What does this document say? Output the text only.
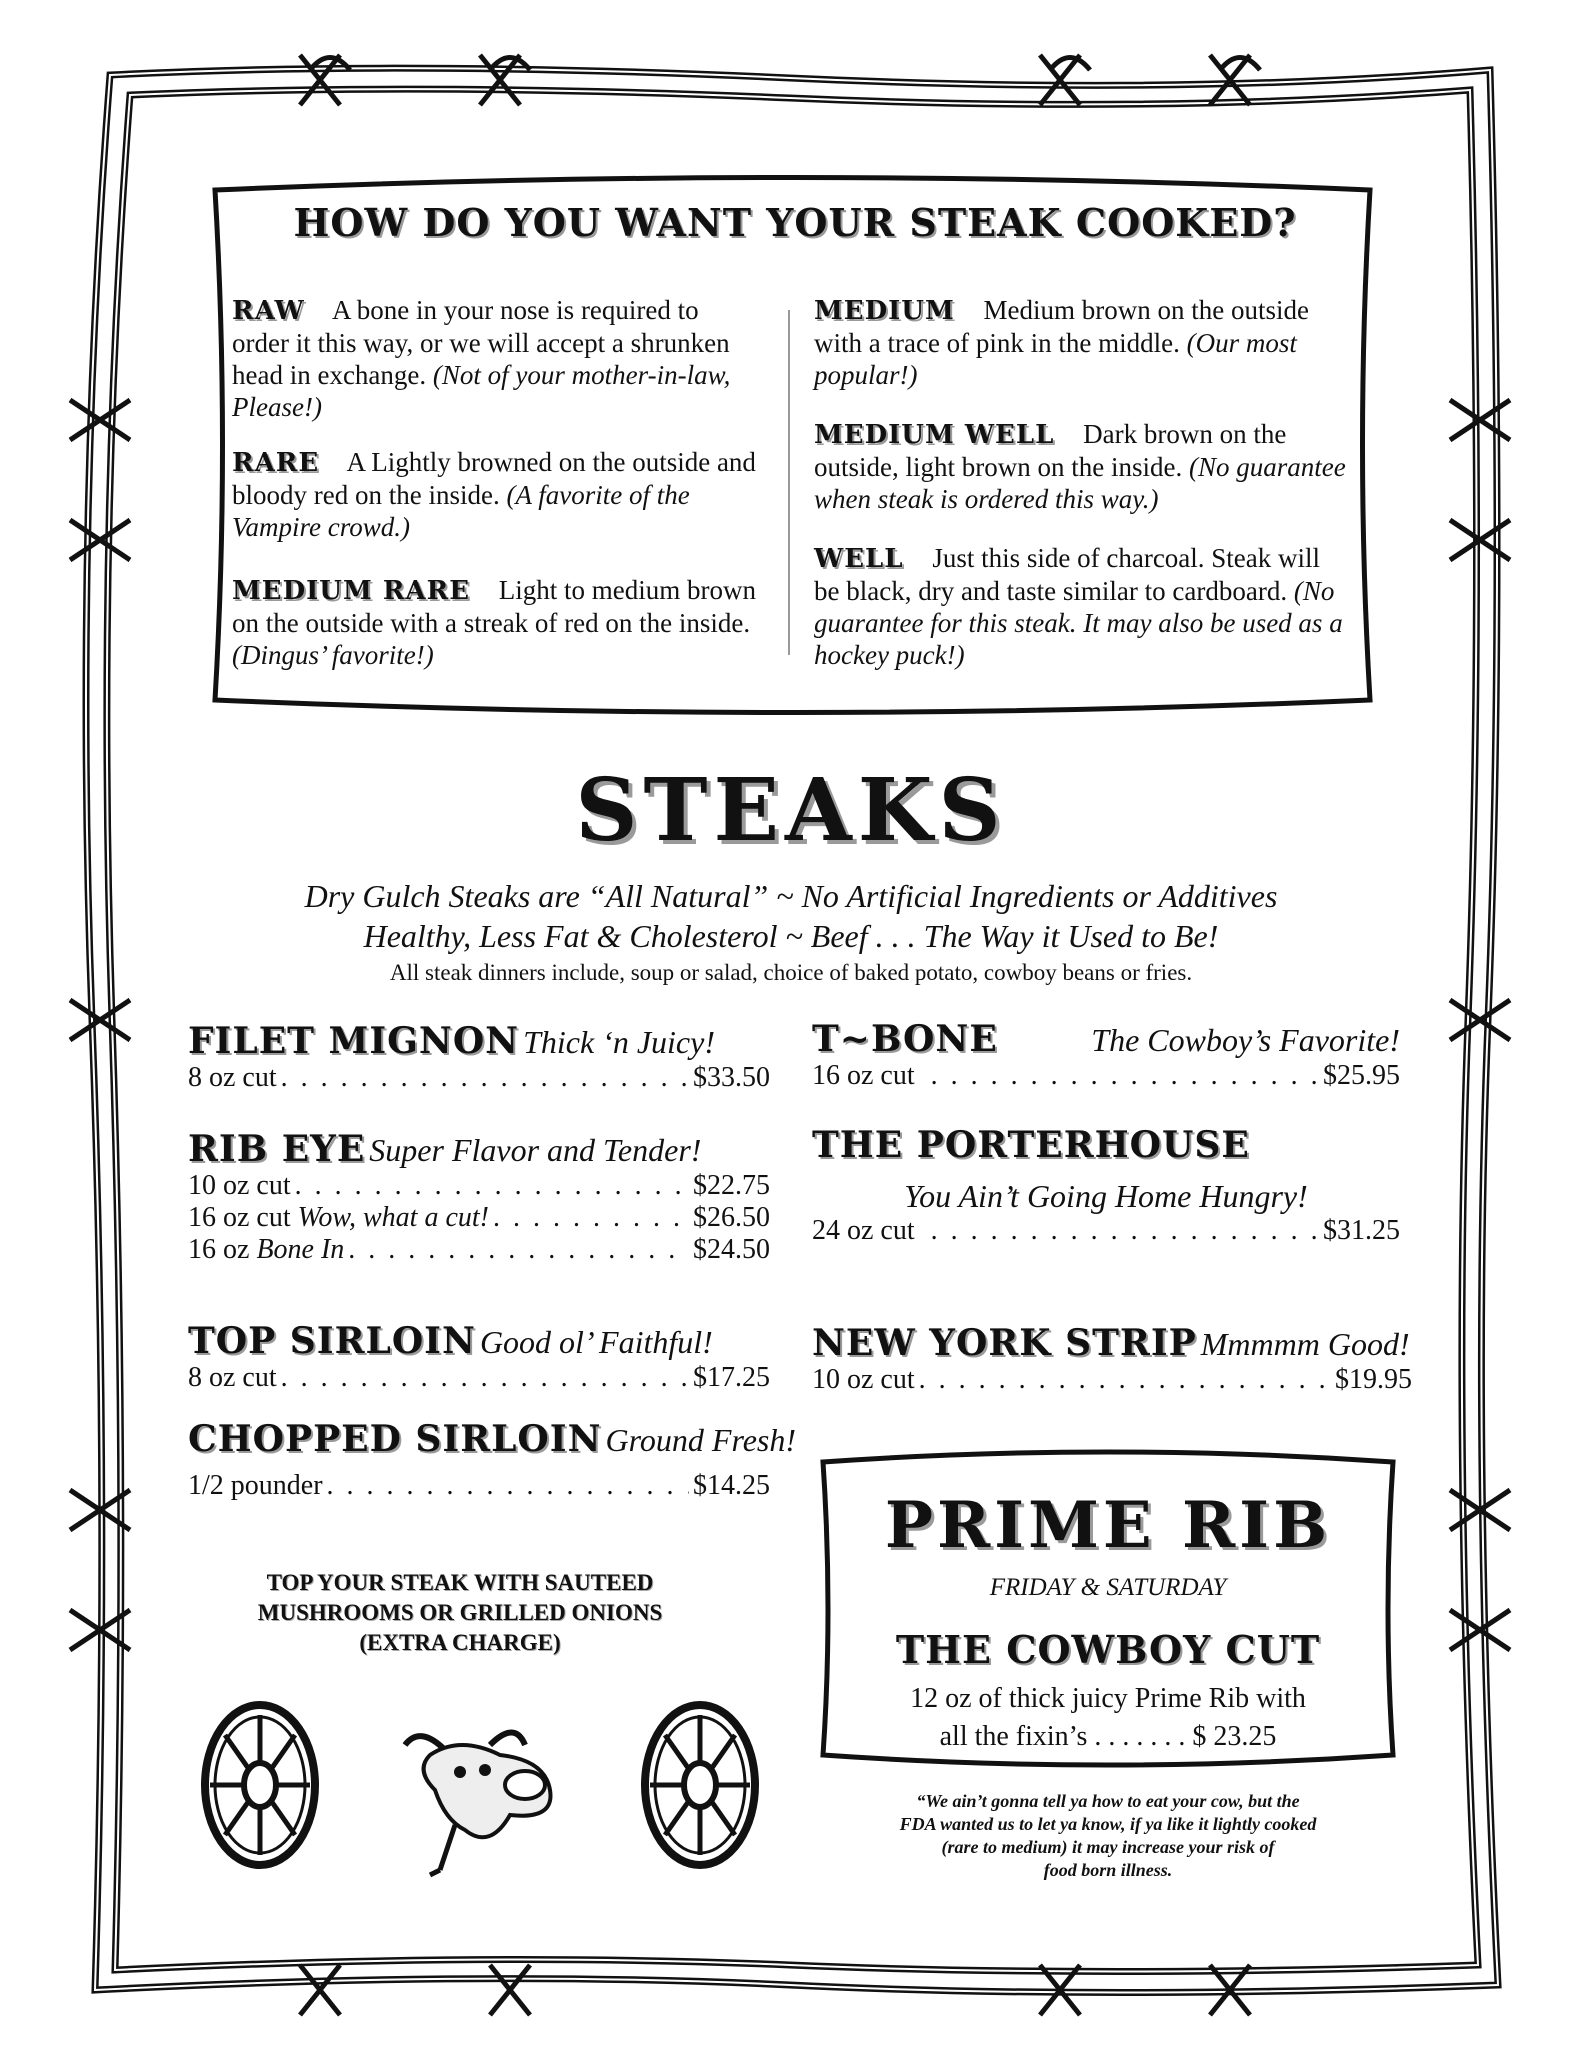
HOW DO YOU WANT YOUR STEAK COOKED?
RAW A bone in your nose is required to order it this way, or we will accept a shrunken head in exchange. (Not of your mother-in-law, Please!)
RARE A Lightly browned on the outside and bloody red on the inside. (A favorite of the Vampire crowd.)
MEDIUM RARE Light to medium brown on the outside with a streak of red on the inside. (Dingus’ favorite!)
MEDIUM Medium brown on the outside with a trace of pink in the middle. (Our most popular!)
MEDIUM WELL Dark brown on the outside, light brown on the inside. (No guarantee when steak is ordered this way.)
WELL Just this side of charcoal. Steak will be black, dry and taste similar to cardboard. (No guarantee for this steak. It may also be used as a hockey puck!)
STEAKS
Dry Gulch Steaks are “All Natural” ~ No Artificial Ingredients or Additives
Healthy, Less Fat & Cholesterol ~ Beef . . . The Way it Used to Be!
All steak dinners include, soup or salad, choice of baked potato, cowboy beans or fries.
FILET MIGNON Thick ‘n Juicy!
8 oz cut . . .	$33.50
RIB EYE Super Flavor and Tender!
10 oz cut . . .	$22.75
16 oz cut Wow, what a cut! . . .	$26.50
16 oz Bone In . . .	$24.50
TOP SIRLOIN Good ol’ Faithful!
8 oz cut . . .	$17.25
CHOPPED SIRLOIN Ground Fresh!
1/2 pounder . . .	$14.25
TOP YOUR STEAK WITH SAUTEED
MUSHROOMS OR GRILLED ONIONS
(EXTRA CHARGE)
T~BONE	The Cowboy’s Favorite!
16 oz cut . . .	$25.95
THE PORTERHOUSE
You Ain’t Going Home Hungry!
24 oz cut . . .	$31.25
NEW YORK STRIP Mmmmm Good!
10 oz cut . . .	$19.95
PRIME RIB
FRIDAY & SATURDAY
THE COWBOY CUT
12 oz of thick juicy Prime Rib with
all the fixin’s . . . . . . . $ 23.25
“We ain’t gonna tell ya how to eat your cow, but the
FDA wanted us to let ya know, if ya like it lightly cooked
(rare to medium) it may increase your risk of
food born illness.
